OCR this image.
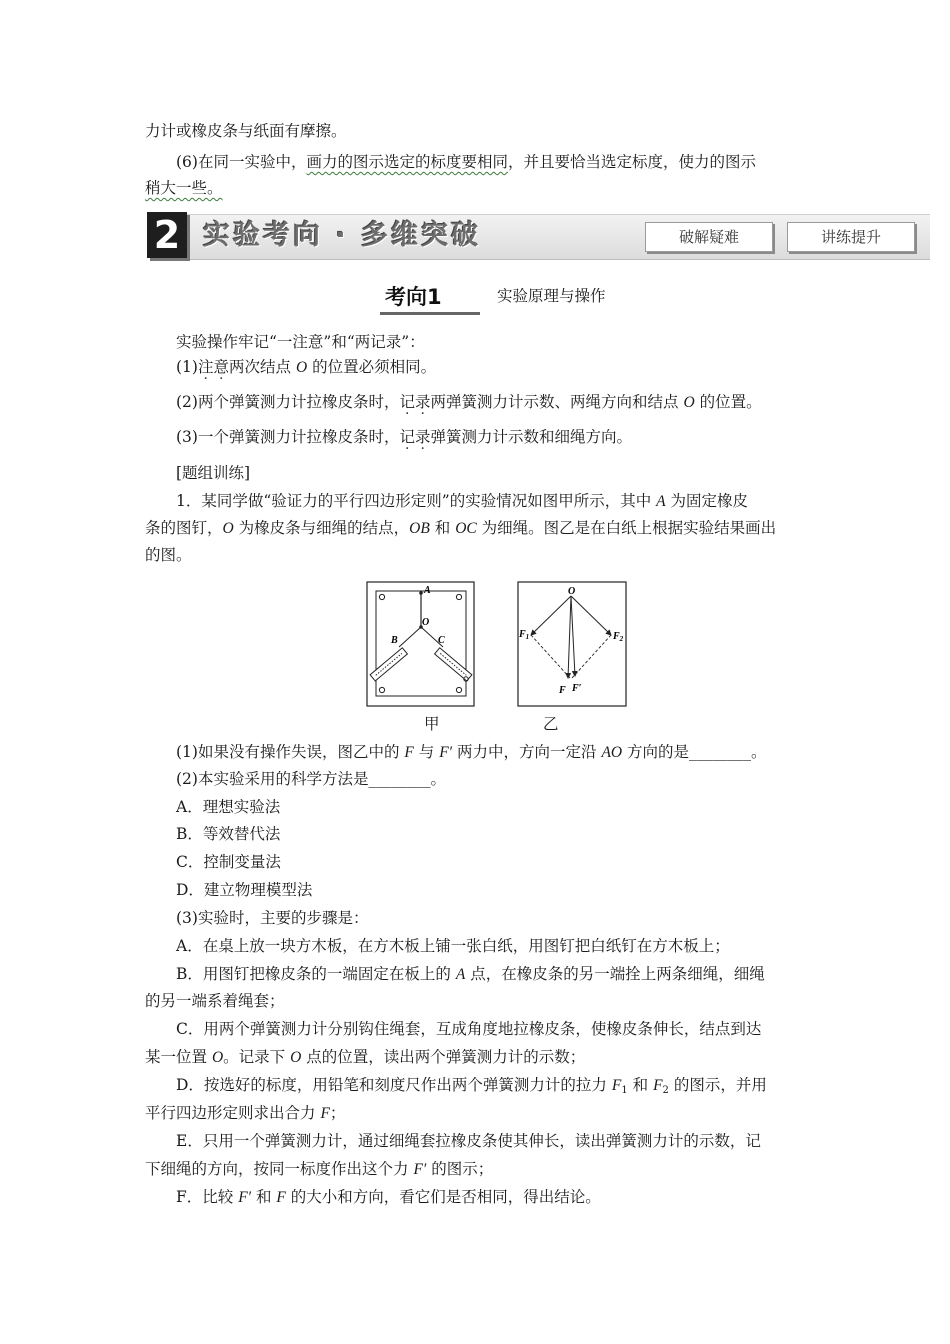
力计或橡皮条与纸面有摩擦。
(6)在同一实验中，画力的图示选定的标度要相同，并且要恰当选定标度，使力的图示
稍大一些。
2 实验考向 · 多维突破	破解疑难	讲练提升
考向1	实验原理与操作
实验操作牢记“一注意”和“两记录”：
(1)注意两次结点 O 的位置必须相同。
(2)两个弹簧测力计拉橡皮条时，记录两弹簧测力计示数、两绳方向和结点 O 的位置。
(3)一个弹簧测力计拉橡皮条时，记录弹簧测力计示数和细绳方向。
[题组训练]
1．某同学做“验证力的平行四边形定则”的实验情况如图甲所示，其中 A 为固定橡皮
条的图钉，O 为橡皮条与细绳的结点，OB 和 OC 为细绳。图乙是在白纸上根据实验结果画出
的图。
A
O
B	C
O
$F_1$	$F_2$
F F′
甲	乙
(1)如果没有操作失误，图乙中的 F 与 F′ 两力中，方向一定沿 AO 方向的是________。
(2)本实验采用的科学方法是________。
A．理想实验法
B．等效替代法
C．控制变量法
D．建立物理模型法
(3)实验时，主要的步骤是：
A．在桌上放一块方木板，在方木板上铺一张白纸，用图钉把白纸钉在方木板上；
B．用图钉把橡皮条的一端固定在板上的 A 点，在橡皮条的另一端拴上两条细绳，细绳
的另一端系着绳套；
C．用两个弹簧测力计分别钩住绳套，互成角度地拉橡皮条，使橡皮条伸长，结点到达
某一位置 O。记录下 O 点的位置，读出两个弹簧测力计的示数；
D．按选好的标度，用铅笔和刻度尺作出两个弹簧测力计的拉力 $F_1$ 和 $F_2$ 的图示，并用
平行四边形定则求出合力 F；
E．只用一个弹簧测力计，通过细绳套拉橡皮条使其伸长，读出弹簧测力计的示数，记
下细绳的方向，按同一标度作出这个力 F′ 的图示；
F．比较 F′ 和 F 的大小和方向，看它们是否相同，得出结论。
